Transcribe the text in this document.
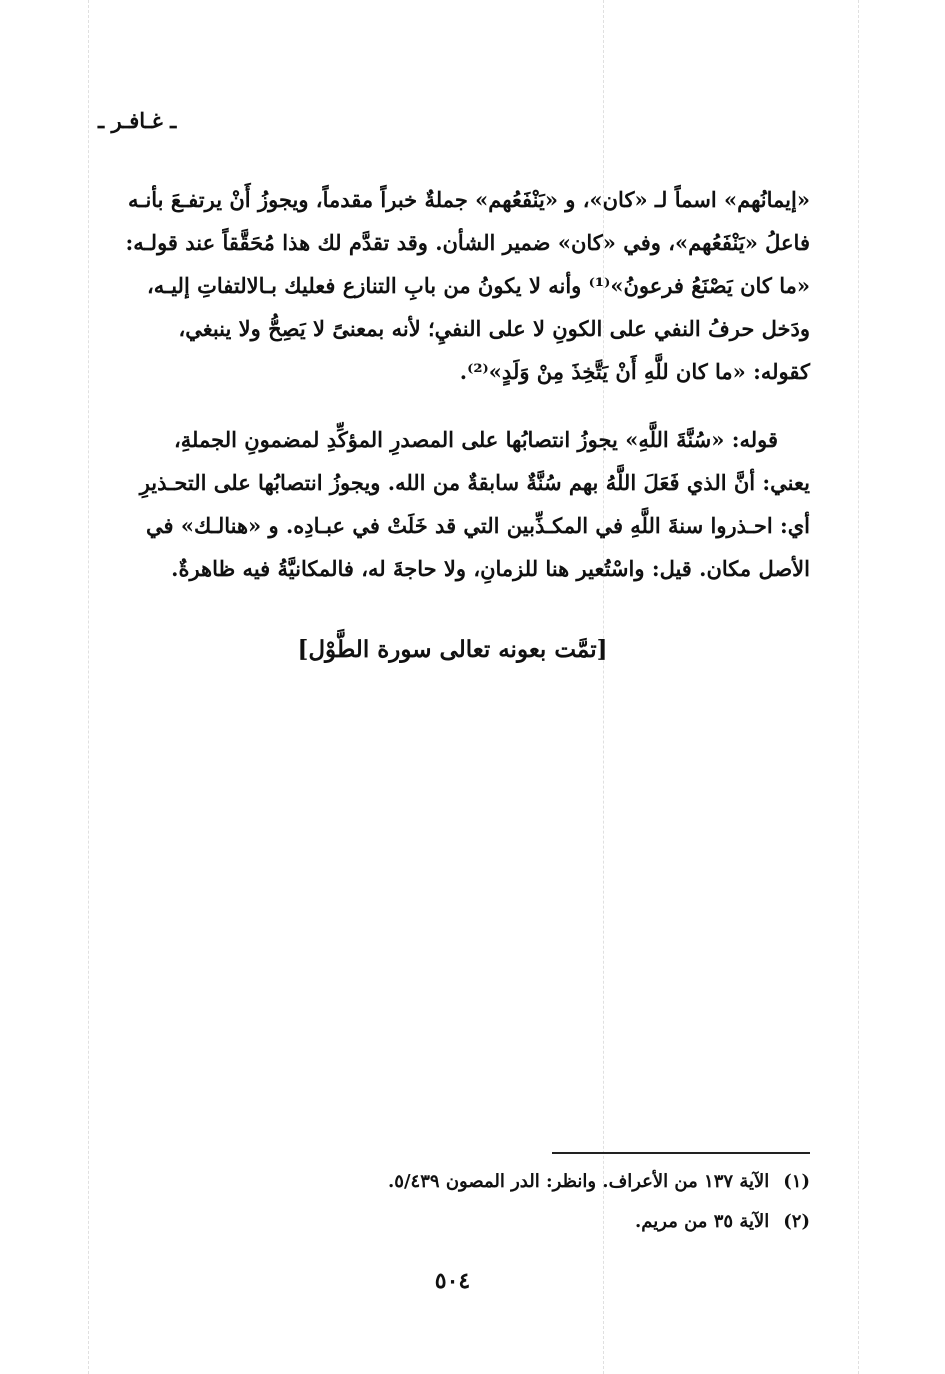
ـ غـافـر ـ

«إيمانُهم» اسماً لـ «كان»، و «يَنْفَعُهم» جملةٌ خبراً مقدماً، ويجوزُ أَنْ يرتفـعَ بأنـه

فاعلُ «يَنْفَعُهم»، وفي «كان» ضمير الشأن. وقد تقدَّم لك هذا مُحَقَّقاً عند قولـه:

«ما كان يَصْنَعُ فرعونُ»⁽¹⁾ وأنه لا يكونُ من بابِ التنازع فعليك بـالالتفاتِ إليـه،

ودَخل حرفُ النفي على الكونِ لا على النفيِ؛ لأنه بمعنىً لا يَصِحُّ ولا ينبغي،

كقوله: «ما كان للَّهِ أَنْ يَتَّخِذَ مِنْ وَلَدٍ»⁽²⁾.

قوله: «سُنَّةَ اللَّهِ» يجوزُ انتصابُها على المصدرِ المؤكِّدِ لمضمونِ الجملةِ،

يعني: أنَّ الذي فَعَلَ اللَّهُ بهم سُنَّةٌ سابقةٌ من الله. ويجوزُ انتصابُها على التحـذيرِ

أي: احـذروا سنةَ اللَّهِ في المكـذِّبين التي قد خَلَتْ في عبـادِه. و «هنالـك» في

الأصل مكان. قيل: واسْتُعير هنا للزمانِ، ولا حاجةَ له، فالمكانيَّةُ فيه ظاهرةٌ.

[تمَّت بعونه تعالى سورة الطَّوْل]
(١)الآية ١٣٧ من الأعراف. وانظر: الدر المصون ٥/٤٣٩.
(٢)الآية ٣٥ من مريم.
٥٠٤
